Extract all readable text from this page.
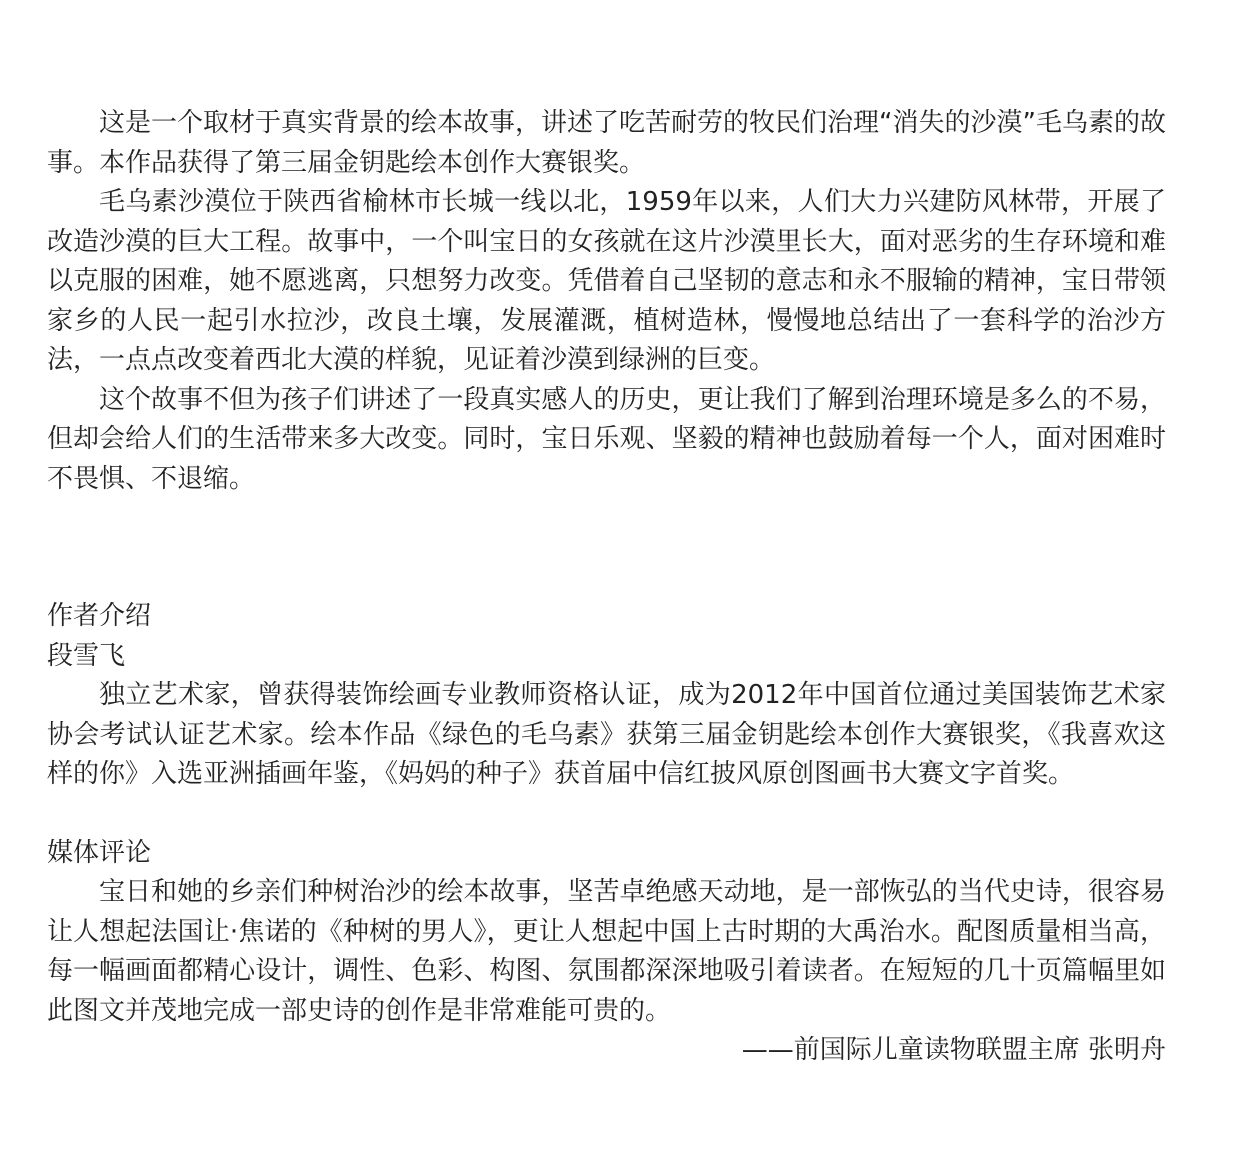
这是一个取材于真实背景的绘本故事，讲述了吃苦耐劳的牧民们治理“消失的沙漠”毛乌素的故事。本作品获得了第三届金钥匙绘本创作大赛银奖。

毛乌素沙漠位于陕西省榆林市长城一线以北，1959年以来，人们大力兴建防风林带，开展了改造沙漠的巨大工程。故事中，一个叫宝日的女孩就在这片沙漠里长大，面对恶劣的生存环境和难以克服的困难，她不愿逃离，只想努力改变。凭借着自己坚韧的意志和永不服输的精神，宝日带领家乡的人民一起引水拉沙，改良土壤，发展灌溉，植树造林，慢慢地总结出了一套科学的治沙方法，一点点改变着西北大漠的样貌，见证着沙漠到绿洲的巨变。

这个故事不但为孩子们讲述了一段真实感人的历史，更让我们了解到治理环境是多么的不易，但却会给人们的生活带来多大改变。同时，宝日乐观、坚毅的精神也鼓励着每一个人，面对困难时不畏惧、不退缩。

作者介绍

段雪飞

独立艺术家，曾获得装饰绘画专业教师资格认证，成为2012年中国首位通过美国装饰艺术家协会考试认证艺术家。绘本作品《绿色的毛乌素》获第三届金钥匙绘本创作大赛银奖，《我喜欢这样的你》入选亚洲插画年鉴，《妈妈的种子》获首届中信红披风原创图画书大赛文字首奖。

媒体评论

宝日和她的乡亲们种树治沙的绘本故事，坚苦卓绝感天动地，是一部恢弘的当代史诗，很容易让人想起法国让·焦诺的《种树的男人》，更让人想起中国上古时期的大禹治水。配图质量相当高，每一幅画面都精心设计，调性、色彩、构图、氛围都深深地吸引着读者。在短短的几十页篇幅里如此图文并茂地完成一部史诗的创作是非常难能可贵的。

——前国际儿童读物联盟主席 张明舟
